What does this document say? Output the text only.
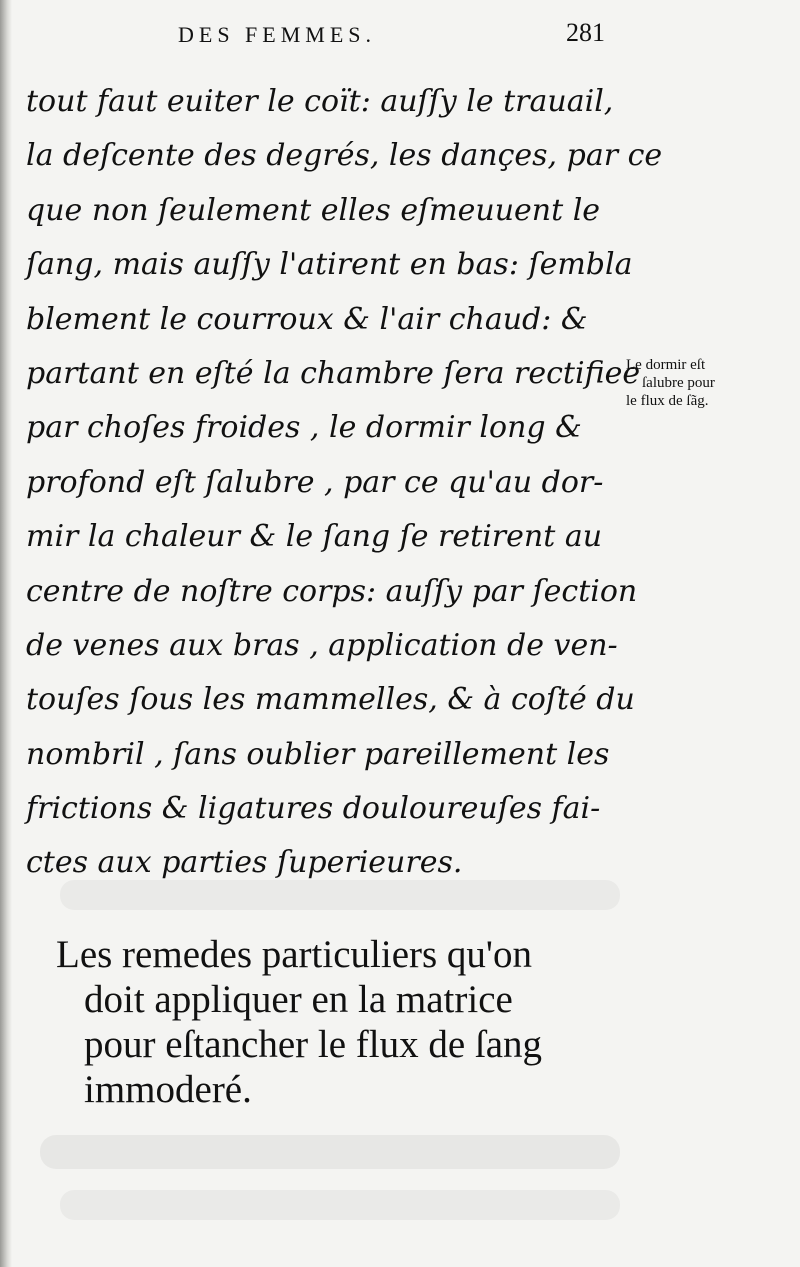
DES FEMMES.	281
tout faut euiter le coït: auſſy le trauail,
la deſcente des degrés, les dançes, par ce
que non ſeulement elles eſmeuuent le
ſang, mais auſſy l'atirent en bas: ſembla
blement le courroux & l'air chaud: &
partant en eſté la chambre ſera rectifiee
par choſes froides , le dormir long &
profond eſt ſalubre , par ce qu'au dor-
mir la chaleur & le ſang ſe retirent au
centre de noſtre corps: auſſy par ſection
de venes aux bras , application de ven-
touſes ſous les mammelles, & à coſté du
nombril , ſans oublier pareillement les
frictions & ligatures douloureuſes fai-
ctes aux parties ſuperieures.
Le dormir eſt
ſalubre pour
le flux de ſãg.
Les remedes particuliers qu'on
doit appliquer en la matrice
pour eſtancher le flux de ſang
immoderé.
